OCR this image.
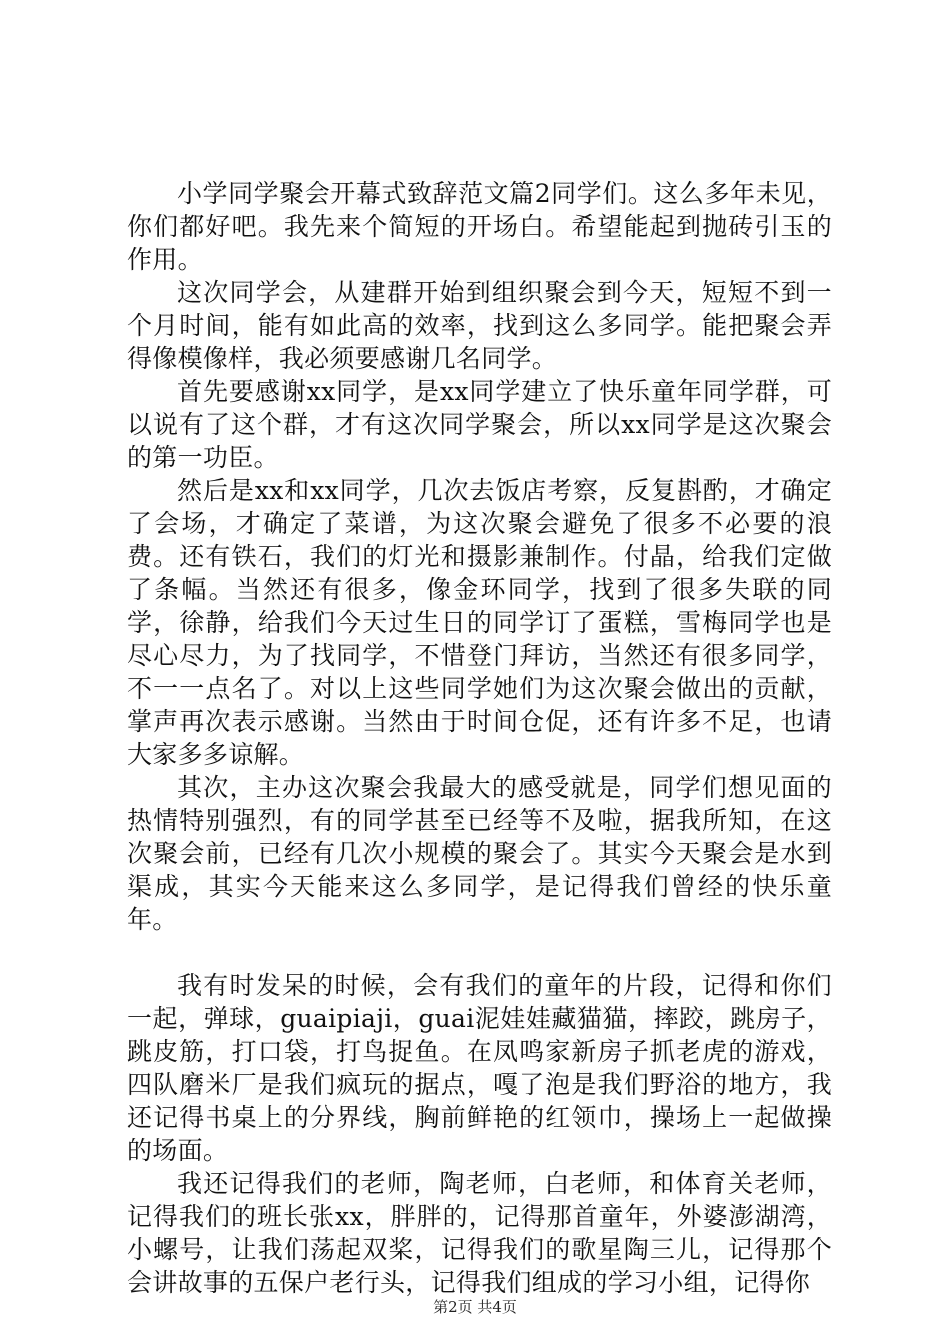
小学同学聚会开幕式致辞范文篇2同学们。这么多年未见，你们都好吧。我先来个简短的开场白。希望能起到抛砖引玉的作用。

这次同学会，从建群开始到组织聚会到今天，短短不到一个月时间，能有如此高的效率，找到这么多同学。能把聚会弄得像模像样，我必须要感谢几名同学。

首先要感谢xx同学，是xx同学建立了快乐童年同学群，可以说有了这个群，才有这次同学聚会，所以xx同学是这次聚会的第一功臣。

然后是xx和xx同学，几次去饭店考察，反复斟酌，才确定了会场，才确定了菜谱，为这次聚会避免了很多不必要的浪费。还有铁石，我们的灯光和摄影兼制作。付晶，给我们定做了条幅。当然还有很多，像金环同学，找到了很多失联的同学，徐静，给我们今天过生日的同学订了蛋糕，雪梅同学也是尽心尽力，为了找同学，不惜登门拜访，当然还有很多同学，不一一点名了。对以上这些同学她们为这次聚会做出的贡献，掌声再次表示感谢。当然由于时间仓促，还有许多不足，也请大家多多谅解。

其次，主办这次聚会我最大的感受就是，同学们想见面的热情特别强烈，有的同学甚至已经等不及啦，据我所知，在这次聚会前，已经有几次小规模的聚会了。其实今天聚会是水到渠成，其实今天能来这么多同学，是记得我们曾经的快乐童年。

我有时发呆的时候，会有我们的童年的片段，记得和你们一起，弹球，guaipiaji，guai泥娃娃藏猫猫，摔跤，跳房子，跳皮筋，打口袋，打鸟捉鱼。在凤鸣家新房子抓老虎的游戏，四队磨米厂是我们疯玩的据点，嘎了泡是我们野浴的地方，我还记得书桌上的分界线，胸前鲜艳的红领巾，操场上一起做操的场面。

我还记得我们的老师，陶老师，白老师，和体育关老师，记得我们的班长张xx，胖胖的，记得那首童年，外婆澎湖湾，小螺号，让我们荡起双桨，记得我们的歌星陶三儿，记得那个会讲故事的五保户老行头，记得我们组成的学习小组，记得你

第2页 共4页
